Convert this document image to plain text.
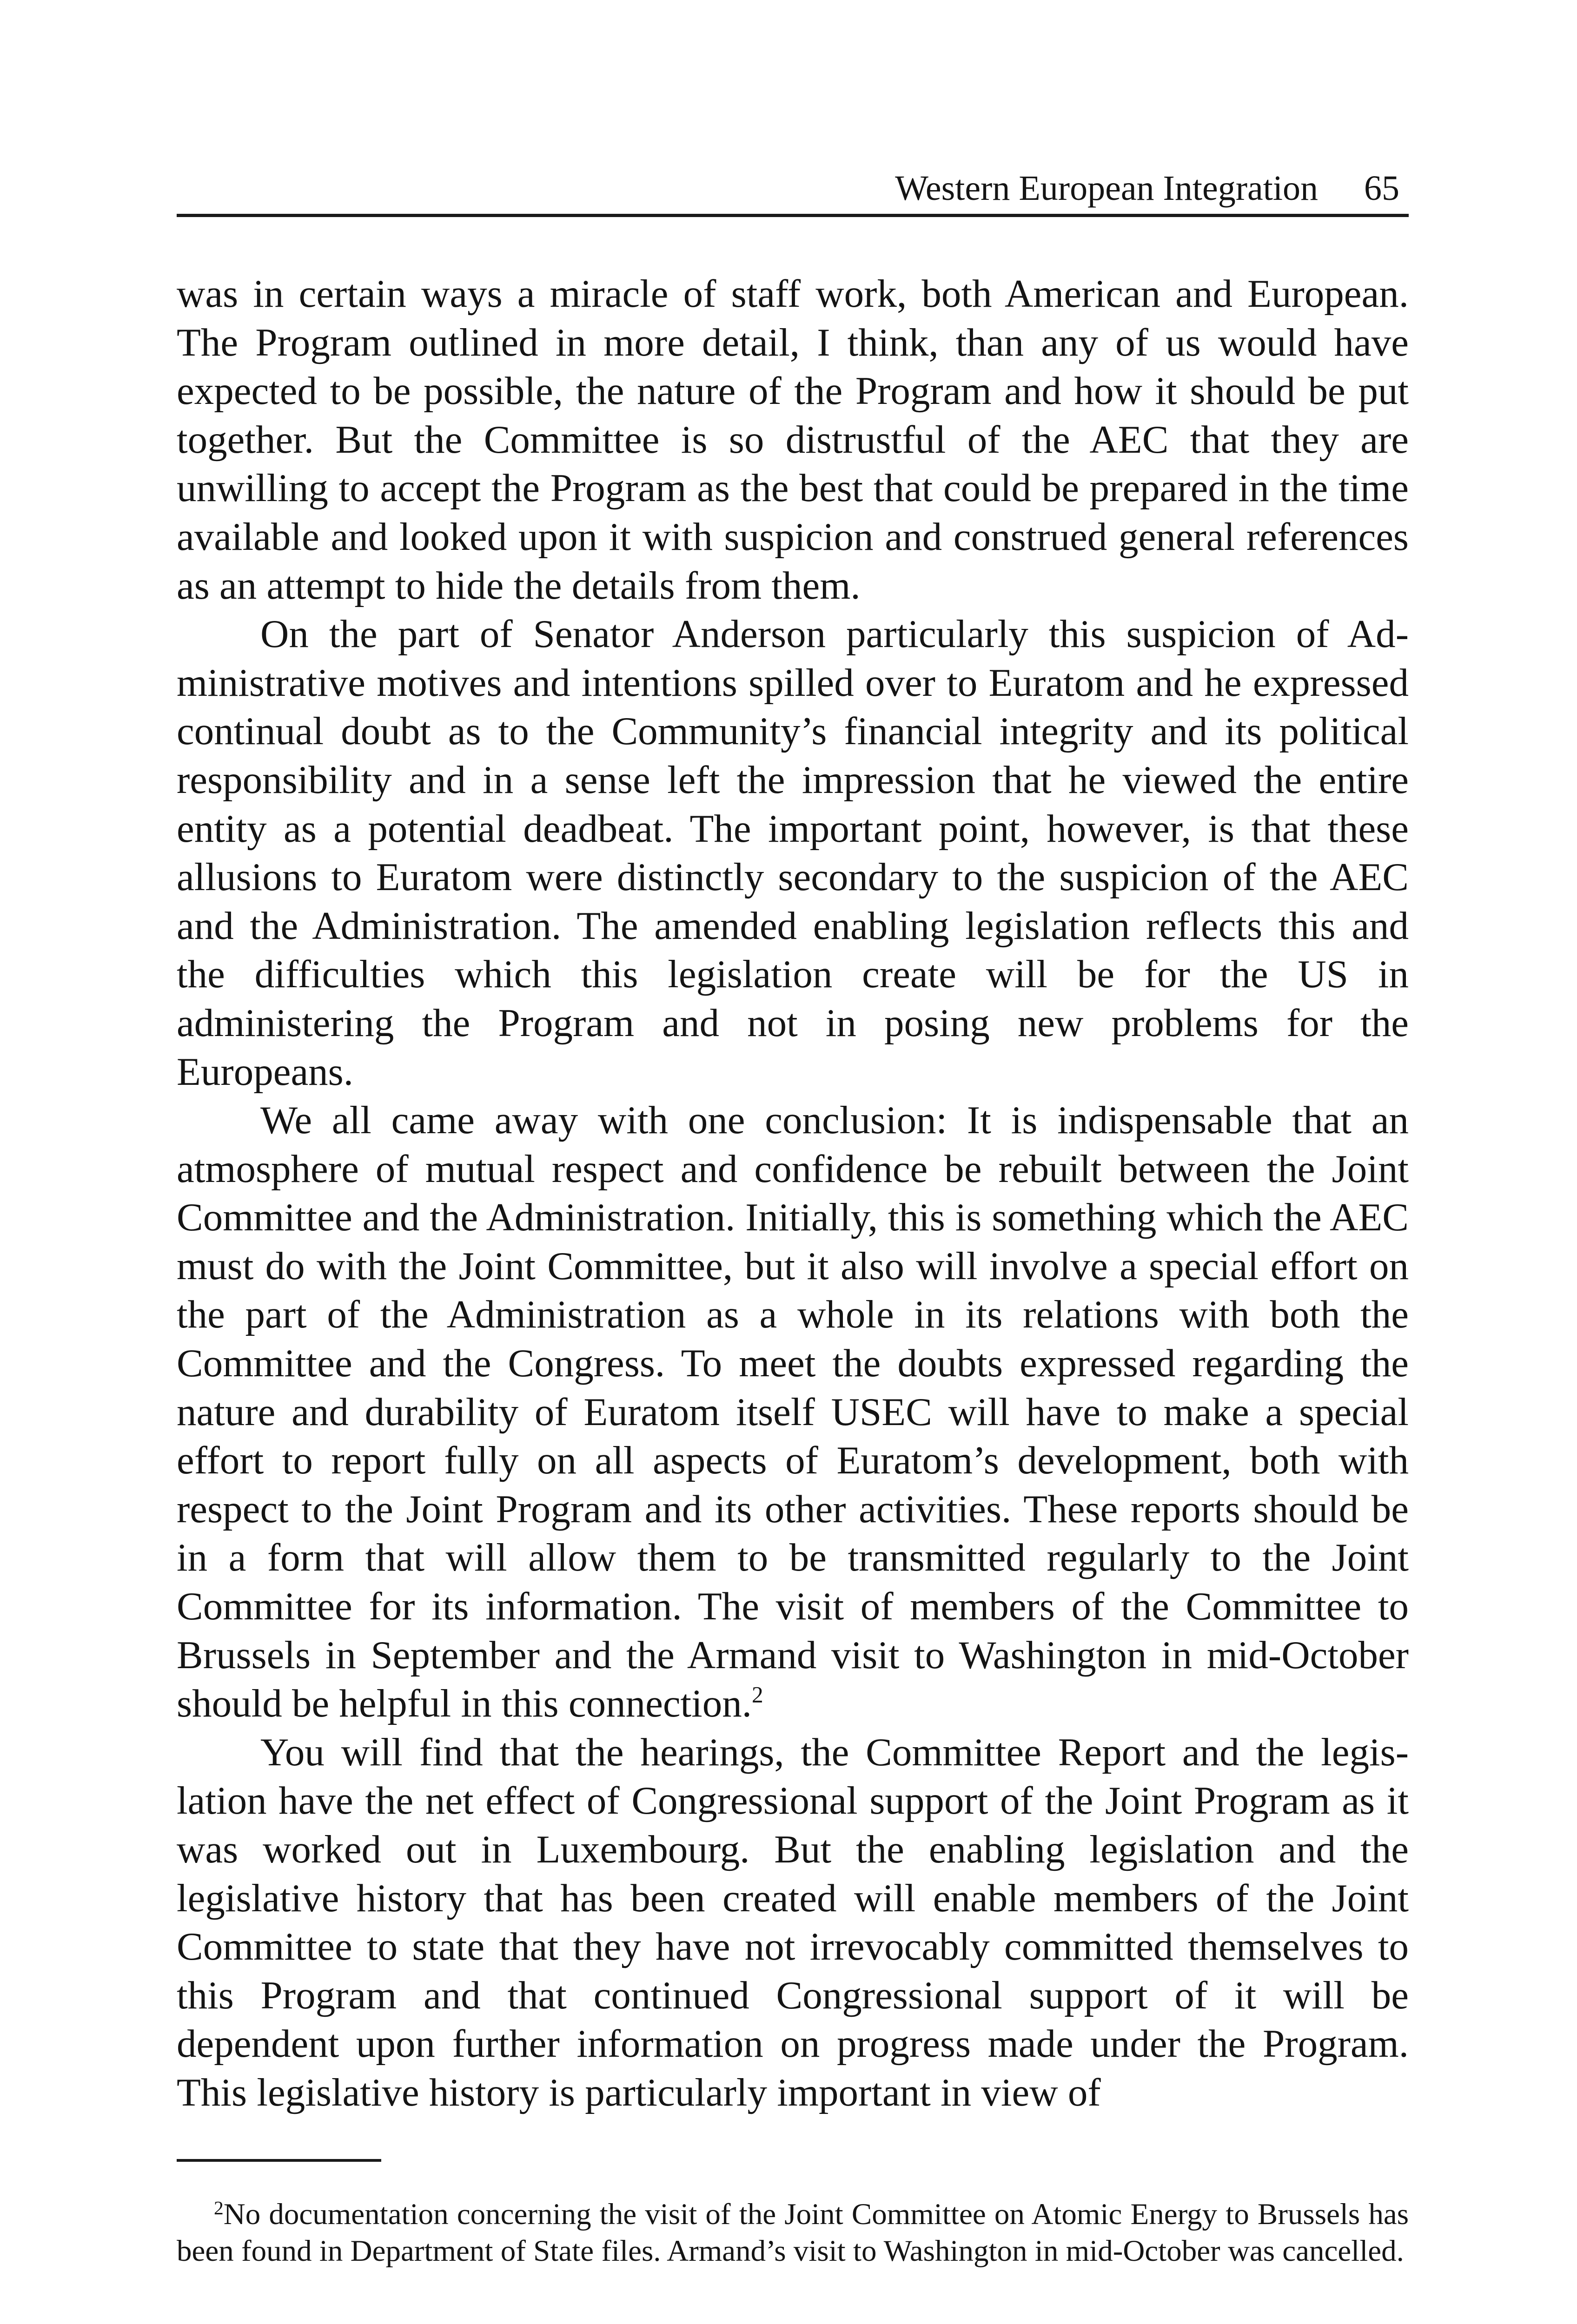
Western European Integration 65

was in certain ways a miracle of staff work, both American and European. The Program outlined in more detail, I think, than any of us would have expected to be possible, the nature of the Program and how it should be put together. But the Committee is so distrustful of the AEC that they are unwilling to accept the Program as the best that could be prepared in the time available and looked upon it with suspicion and construed general references as an attempt to hide the details from them.

On the part of Senator Anderson particularly this suspicion of Administrative motives and intentions spilled over to Euratom and he expressed continual doubt as to the Community’s financial integrity and its political responsibility and in a sense left the impression that he viewed the entire entity as a potential deadbeat. The important point, however, is that these allusions to Euratom were distinctly secondary to the suspicion of the AEC and the Administration. The amended enabling legislation reflects this and the difficulties which this legislation create will be for the US in administering the Program and not in posing new problems for the Europeans.

We all came away with one conclusion: It is indispensable that an atmosphere of mutual respect and confidence be rebuilt between the Joint Committee and the Administration. Initially, this is something which the AEC must do with the Joint Committee, but it also will involve a special effort on the part of the Administration as a whole in its relations with both the Committee and the Congress. To meet the doubts expressed regarding the nature and durability of Euratom itself USEC will have to make a special effort to report fully on all aspects of Euratom’s development, both with respect to the Joint Program and its other activities. These reports should be in a form that will allow them to be transmitted regularly to the Joint Committee for its information. The visit of members of the Committee to Brussels in September and the Armand visit to Washington in mid-October should be helpful in this connection.$^2$

You will find that the hearings, the Committee Report and the legislation have the net effect of Congressional support of the Joint Program as it was worked out in Luxembourg. But the enabling legislation and the legislative history that has been created will enable members of the Joint Committee to state that they have not irrevocably committed themselves to this Program and that continued Congressional support of it will be dependent upon further information on progress made under the Program. This legislative history is particularly important in view of

$^2$No documentation concerning the visit of the Joint Committee on Atomic Energy to Brussels has been found in Department of State files. Armand’s visit to Washington in mid-October was cancelled.
